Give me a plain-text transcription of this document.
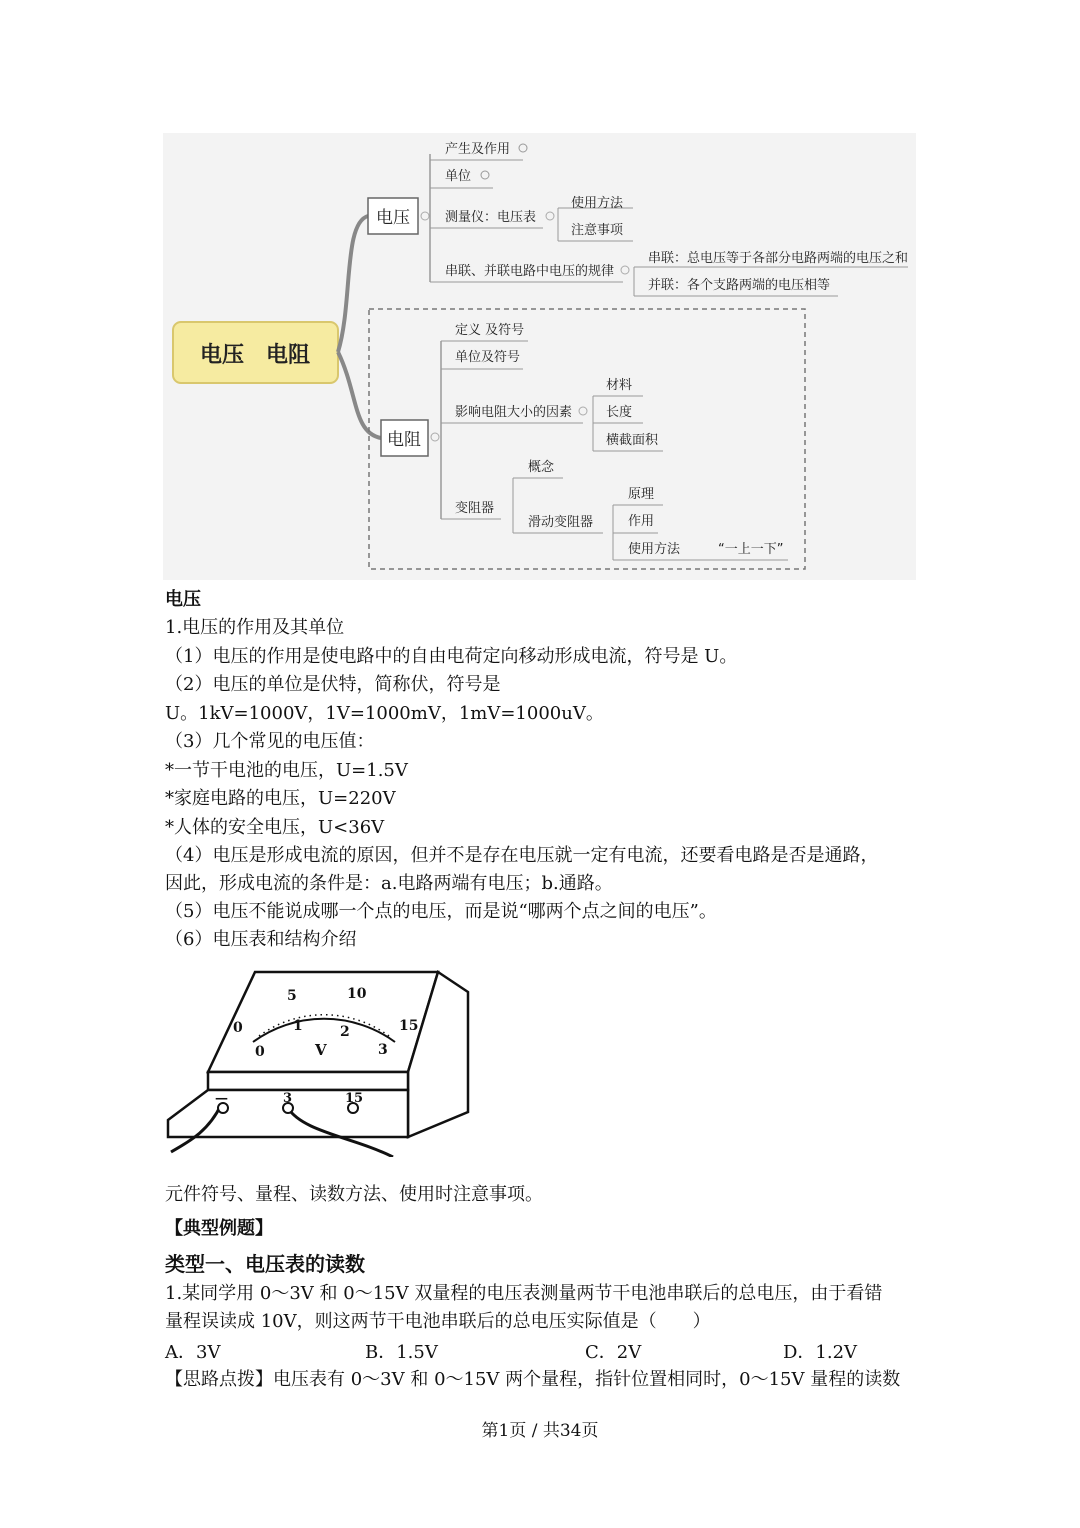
电压　电阻
电压
产生及作用
单位
测量仪：电压表
使用方法
注意事项
串联、并联电路中电压的规律
串联：总电压等于各部分电路两端的电压之和
并联：各个支路两端的电压相等
电阻
定义 及符号
单位及符号
影响电阻大小的因素
材料
长度
横截面积
变阻器
概念
滑动变阻器
原理
作用
使用方法	“一上一下”
电压
1.电压的作用及其单位
（1）电压的作用是使电路中的自由电荷定向移动形成电流，符号是 U。
（2）电压的单位是伏特，简称伏，符号是
U。1kV=1000V，1V=1000mV，1mV=1000uV。
（3）几个常见的电压值：
*一节干电池的电压，U=1.5V
*家庭电路的电压，U=220V
*人体的安全电压，U<36V
（4）电压是形成电流的原因，但并不是存在电压就一定有电流，还要看电路是否是通路，
因此，形成电流的条件是：a.电路两端有电压；b.通路。
（5）电压不能说成哪一个点的电压，而是说“哪两个点之间的电压”。
（6）电压表和结构介绍
0
5	10
15
0
1	2
3
V
—	3	15
元件符号、量程、读数方法、使用时注意事项。
【典型例题】
类型一、电压表的读数
1.某同学用 0～3V 和 0～15V 双量程的电压表测量两节干电池串联后的总电压，由于看错
量程误读成 10V，则这两节干电池串联后的总电压实际值是（　　）
A．3V	B．1.5V	C．2V	D．1.2V
【思路点拨】电压表有 0～3V 和 0～15V 两个量程，指针位置相同时，0～15V 量程的读数
第1页 / 共34页
